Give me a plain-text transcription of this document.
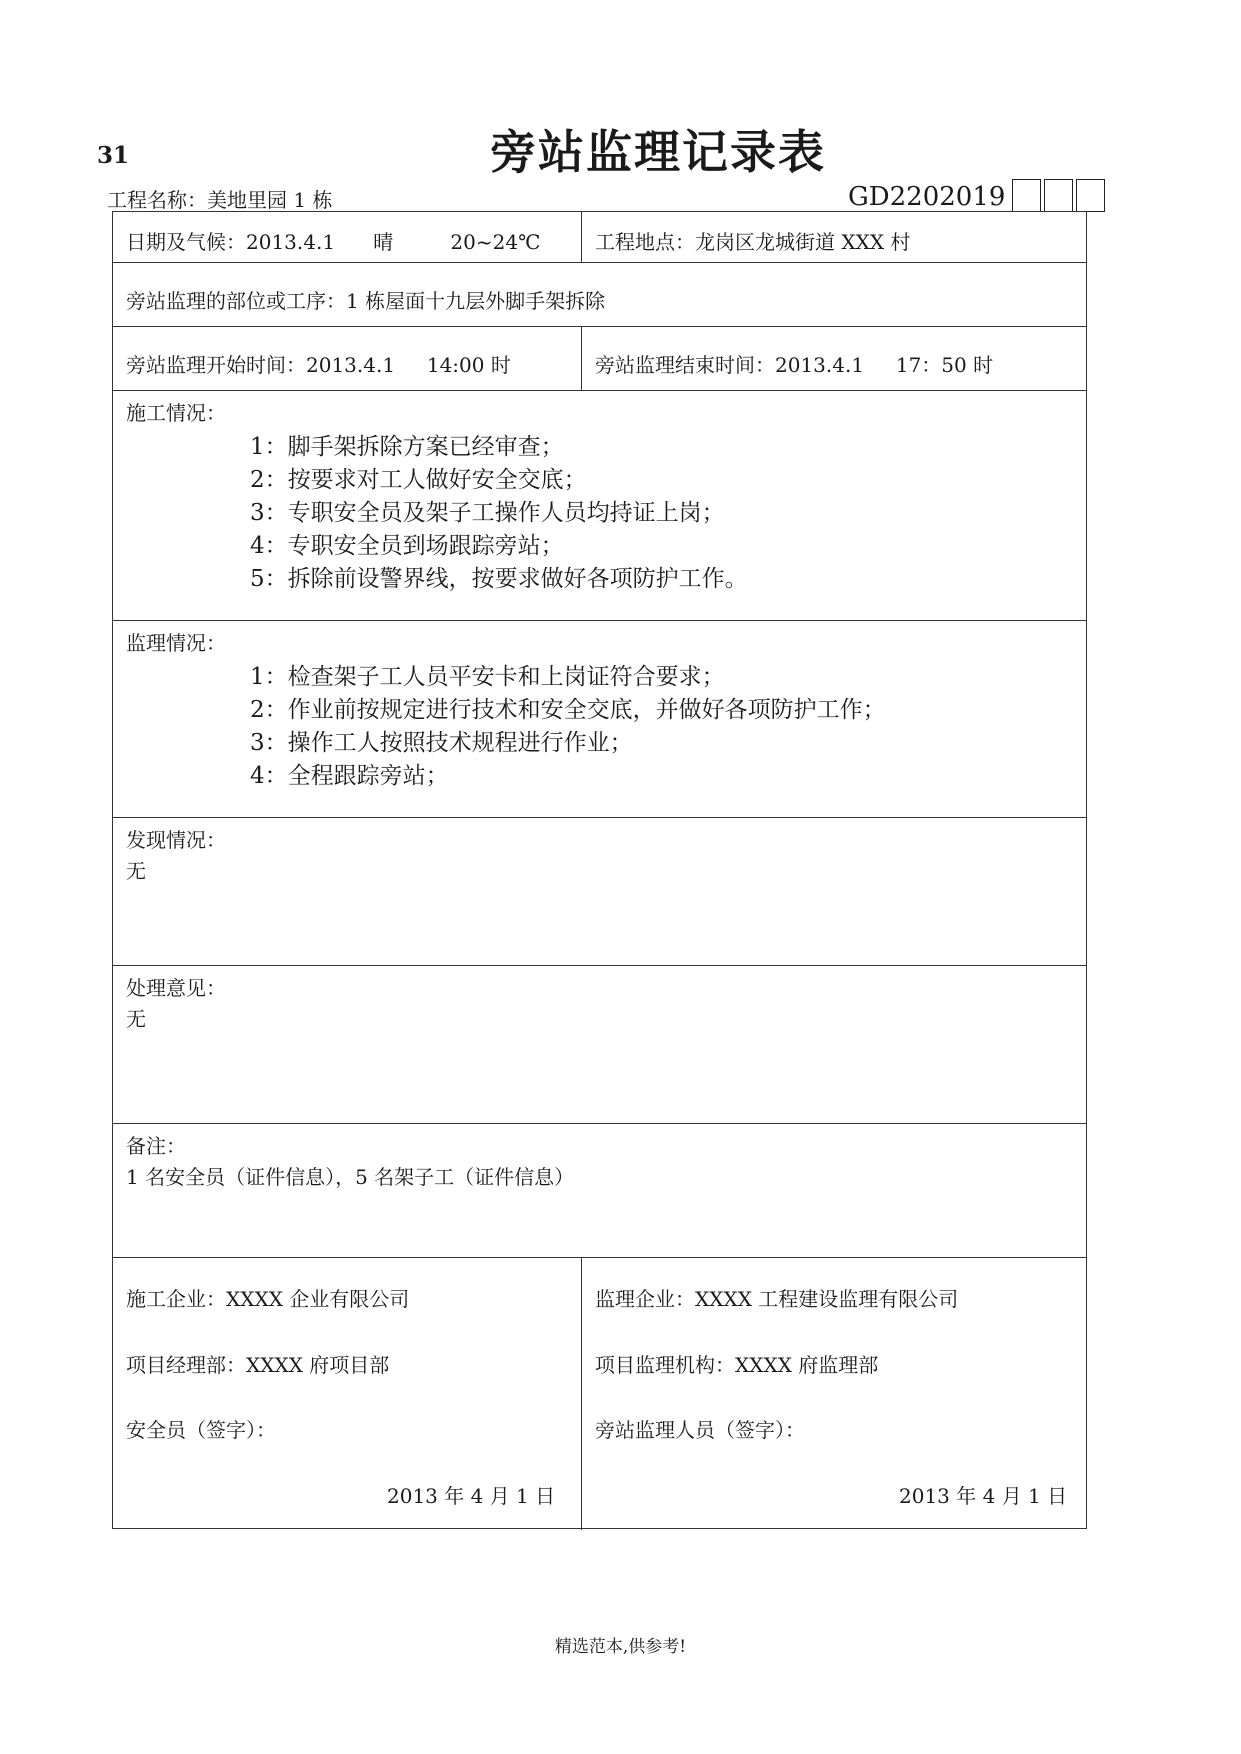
31	旁站监理记录表
工程名称：美地里园 1 栋	GD2202019
日期及气候：2013.4.1      晴         20~24℃	工程地点：龙岗区龙城街道 XXX 村
旁站监理的部位或工序：1 栋屋面十九层外脚手架拆除
旁站监理开始时间：2013.4.1     14:00 时	旁站监理结束时间：2013.4.1     17：50 时
施工情况：
1：脚手架拆除方案已经审查；
2：按要求对工人做好安全交底；
3：专职安全员及架子工操作人员均持证上岗；
4：专职安全员到场跟踪旁站；
5：拆除前设警界线，按要求做好各项防护工作。
监理情况：
1：检查架子工人员平安卡和上岗证符合要求；
2：作业前按规定进行技术和安全交底，并做好各项防护工作；
3：操作工人按照技术规程进行作业；
4：全程跟踪旁站；
发现情况：
无
处理意见：
无
备注：
1 名安全员（证件信息），5 名架子工（证件信息）
施工企业：XXXX 企业有限公司
项目经理部：XXXX 府项目部
安全员（签字）：
2013 年 4 月 1 日
监理企业：XXXX 工程建设监理有限公司
项目监理机构：XXXX 府监理部
旁站监理人员（签字）：
2013 年 4 月 1 日
精选范本,供参考!
